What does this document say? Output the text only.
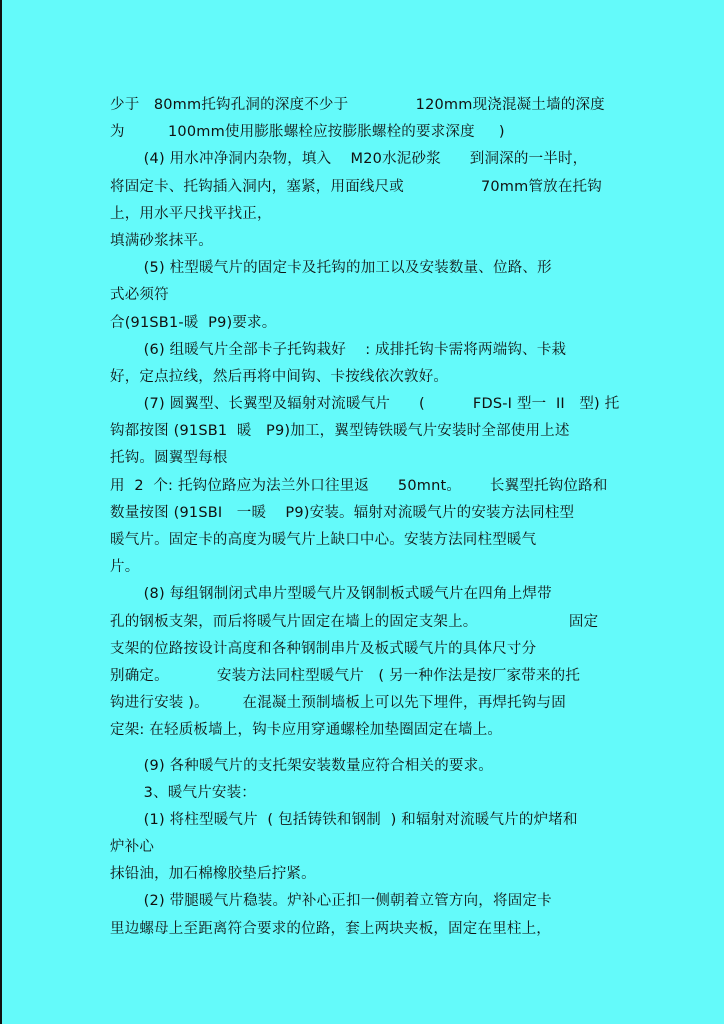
少于   80mm托钩孔洞的深度不少于              120mm现浇混凝土墙的深度
为         100mm使用膨胀螺栓应按膨胀螺栓的要求深度     )
(4) 用水冲净洞内杂物，填入    M20水泥砂浆      到洞深的一半时，
将固定卡、托钩插入洞内，塞紧，用面线尺或                70mm管放在托钩
上，用水平尺找平找正，
填满砂浆抹平。
(5) 柱型暖气片的固定卡及托钩的加工以及安装数量、位路、形
式必须符
合(91SB1-暖  P9)要求。
(6) 组暖气片全部卡子托钩栽好    : 成排托钩卡需将两端钩、卡栽
好，定点拉线，然后再将中间钩、卡按线依次敦好。
(7) 圆翼型、长翼型及辐射对流暖气片      (          FDS-I 型一  II   型) 托
钩都按图 (91SB1  暖   P9)加工，翼型铸铁暖气片安装时全部使用上述
托钩。圆翼型每根
用  2  个: 托钩位路应为法兰外口往里返      50mnt。      长翼型托钩位路和
数量按图 (91SBI   一暖    P9)安装。辐射对流暖气片的安装方法同柱型
暖气片。固定卡的高度为暖气片上缺口中心。安装方法同柱型暖气
片。
(8) 每组钢制闭式串片型暖气片及钢制板式暖气片在四角上焊带
孔的钢板支架，而后将暖气片固定在墙上的固定支架上。                   固定
支架的位路按设计高度和各种钢制串片及板式暖气片的具体尺寸分
别确定。          安装方法同柱型暖气片   ( 另一种作法是按厂家带来的托
钩进行安装 )。       在混凝土预制墙板上可以先下埋件，再焊托钩与固
定架: 在轻质板墙上，钩卡应用穿通螺栓加垫圈固定在墙上。
(9) 各种暖气片的支托架安装数量应符合相关的要求。
3、暖气片安装：
(1) 将柱型暖气片  ( 包括铸铁和钢制  ) 和辐射对流暖气片的炉堵和
炉补心
抹铅油，加石棉橡胶垫后拧紧。
(2) 带腿暖气片稳装。炉补心正扣一侧朝着立管方向，将固定卡
里边螺母上至距离符合要求的位路，套上两块夹板，固定在里柱上，
